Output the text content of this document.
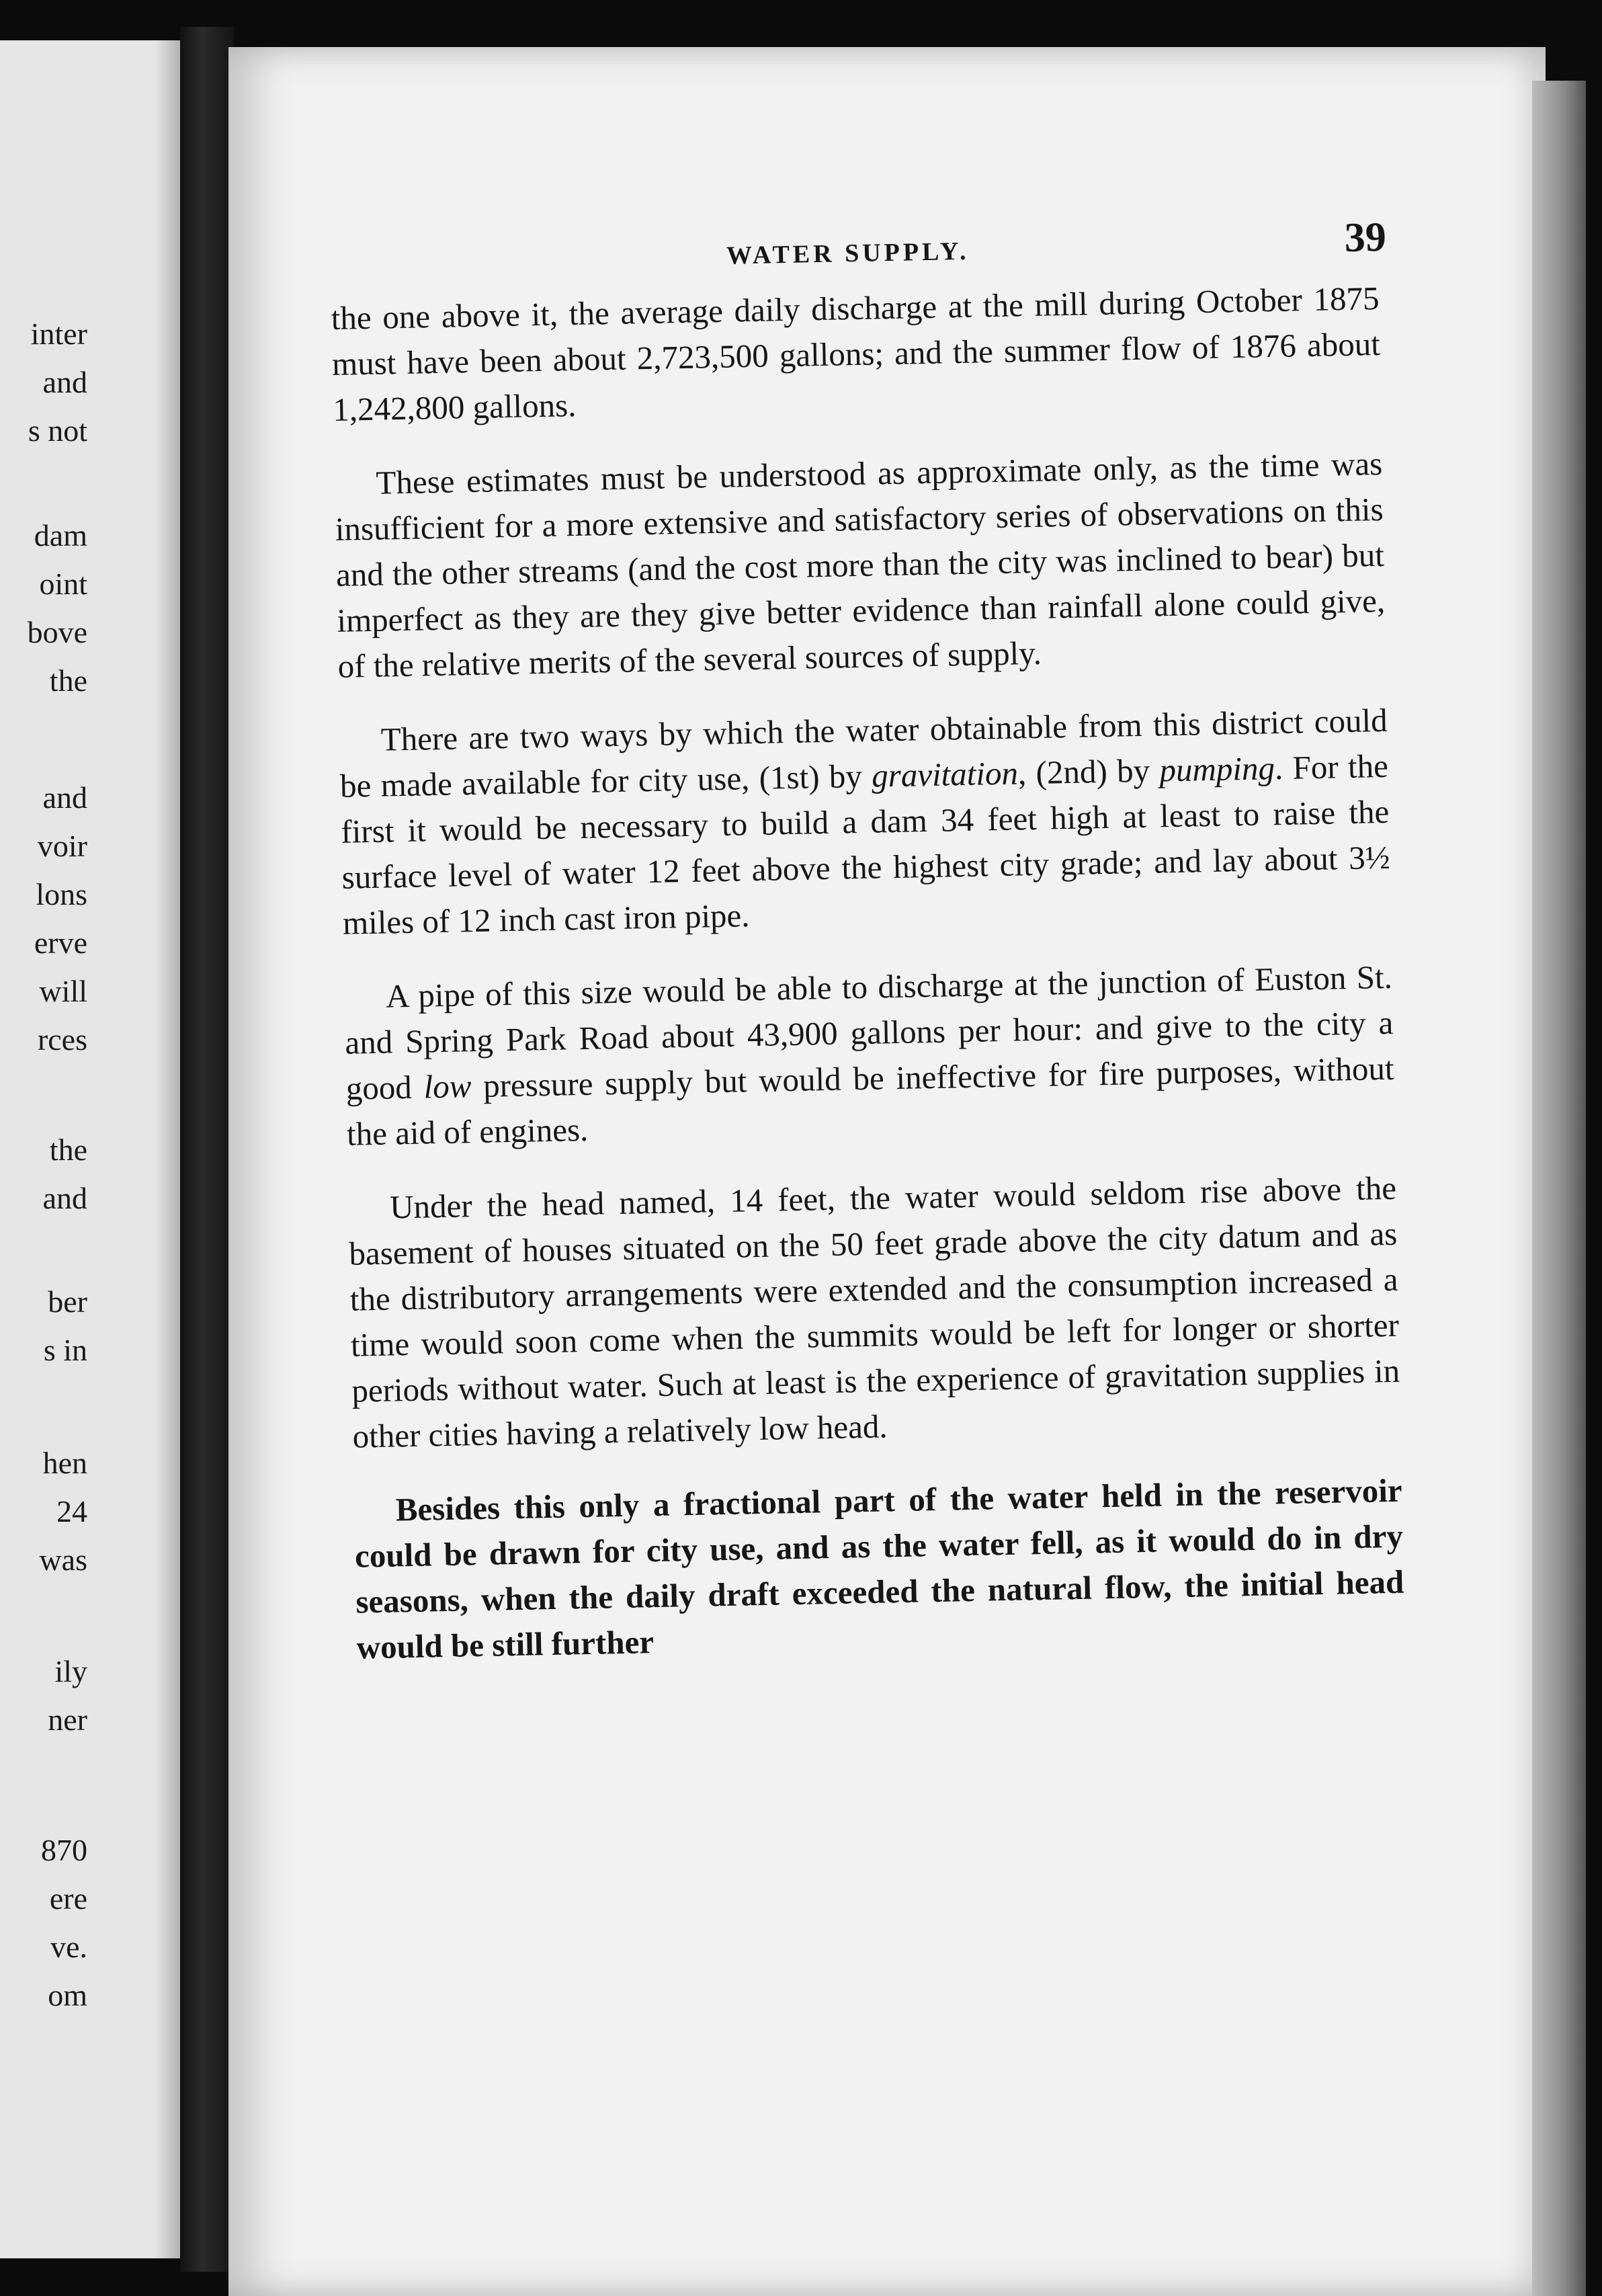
inter
and
s not
dam
oint
bove
the
and
voir
lons
erve
will
rces
the
and
ber
s in
hen
24
was
ily
ner
870
ere
ve.
om
WATER SUPPLY.	39

the one above it, the average daily discharge at the mill during October 1875 must have been about 2,723,500 gallons; and the summer flow of 1876 about 1,242,800 gallons.

These estimates must be understood as approximate only, as the time was insufficient for a more extensive and satisfactory series of observations on this and the other streams (and the cost more than the city was inclined to bear) but imperfect as they are they give better evidence than rainfall alone could give, of the relative merits of the several sources of supply.

There are two ways by which the water obtainable from this district could be made available for city use, (1st) by gravitation, (2nd) by pumping. For the first it would be necessary to build a dam 34 feet high at least to raise the surface level of water 12 feet above the highest city grade; and lay about 3½ miles of 12 inch cast iron pipe.

A pipe of this size would be able to discharge at the junction of Euston St. and Spring Park Road about 43,900 gallons per hour: and give to the city a good low pressure supply but would be ineffective for fire purposes, without the aid of engines.

Under the head named, 14 feet, the water would seldom rise above the basement of houses situated on the 50 feet grade above the city datum and as the distributory arrangements were extended and the consumption increased a time would soon come when the summits would be left for longer or shorter periods without water. Such at least is the experience of gravitation supplies in other cities having a relatively low head.

Besides this only a fractional part of the water held in the reservoir could be drawn for city use, and as the water fell, as it would do in dry seasons, when the daily draft exceeded the natural flow, the initial head would be still further
